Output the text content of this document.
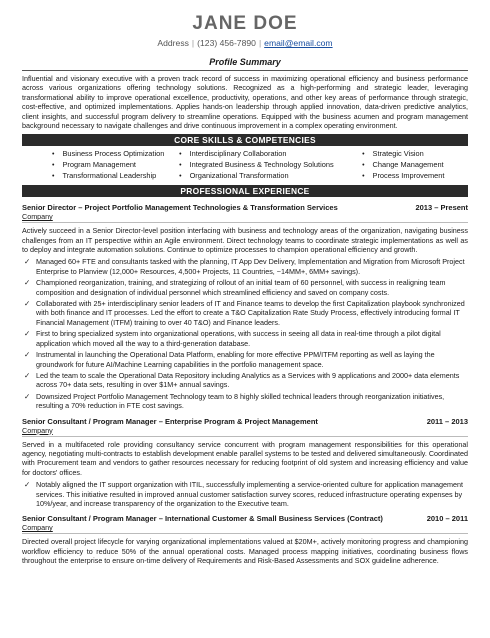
JANE DOE
Address | (123) 456-7890 | email@email.com
Profile Summary
Influential and visionary executive with a proven track record of success in maximizing operational efficiency and business performance across various organizations offering technology solutions. Recognized as a high-performing and strategic leader, leveraging transformational ability to improve operational excellence, productivity, operations, and other key areas of performance through strategic, cost-effective, and optimized implementations. Applies hands-on leadership through applied innovation, data-driven predictive analytics, client insights, and successful program delivery to streamline operations. Equipped with the business acumen and program management background necessary to navigate challenges and drive continuous improvement in a complex operating environment.
CORE SKILLS & COMPETENCIES
• Business Process Optimization
• Program Management
• Transformational Leadership
• Interdisciplinary Collaboration
• Integrated Business & Technology Solutions
• Organizational Transformation
• Strategic Vision
• Change Management
• Process Improvement
PROFESSIONAL EXPERIENCE
Senior Director – Project Portfolio Management Technologies & Transformation Services	2013 – Present
Company
Actively succeed in a Senior Director-level position interfacing with business and technology areas of the organization, navigating business challenges from an IT perspective within an Agile environment. Direct technology teams to coordinate strategic implementations as well as to deploy and integrate automation solutions. Continue to optimize processes to champion operational efficiency and growth.
✓ Managed 60+ FTE and consultants tasked with the planning, IT App Dev Delivery, Implementation and Migration from Microsoft Project Enterprise to Planview (12,000+ Resources, 4,500+ Projects, 11 Countries, ~14MM+, 6MM+ savings).
✓ Championed reorganization, training, and strategizing of rollout of an initial team of 60 personnel, with success in realigning team composition and designation of individual personnel which streamlined efficiency and saved on company costs.
✓ Collaborated with 25+ interdisciplinary senior leaders of IT and Finance teams to develop the first Capitalization playbook synchronized with both finance and IT processes. Led the effort to create a T&O Capitalization Rate Study Process, effectively introducing formal IT Financial Management (ITFM) training to over 40 T&O) and Finance leaders.
✓ First to bring specialized system into organizational operations, with success in seeing all data in real-time through a pilot digital application which moved all the way to a third-generation database.
✓ Instrumental in launching the Operational Data Platform, enabling for more effective PPM/ITFM reporting as well as laying the groundwork for future AI/Machine Learning capabilities in the portfolio management space.
✓ Led the team to scale the Operational Data Repository including Analytics as a Services with 9 applications and 2000+ data elements across 70+ data sets, resulting in over $1M+ annual savings.
✓ Downsized Project Portfolio Management Technology team to 8 highly skilled technical leaders through reorganization initiatives, resulting a 70% reduction in FTE cost savings.
Senior Consultant / Program Manager – Enterprise Program & Project Management	2011 – 2013
Company
Served in a multifaceted role providing consultancy service concurrent with program management responsibilities for this operational agency, negotiating multi-contracts to establish development enable parallel systems to be tested and delivered simultaneously. Coordinated with Procurement team and vendors to gather resources necessary for reducing footprint of old system and increasing efficiency and value for doctors' offices.
✓ Notably aligned the IT support organization with ITIL, successfully implementing a service-oriented culture for application management services. This initiative resulted in improved annual customer satisfaction survey scores, reduced infrastructure operating expenses by 10%/year, and increase transparency of the organization to the Executive team.
Senior Consultant / Program Manager – International Customer & Small Business Services (Contract)	2010 – 2011
Company
Directed overall project lifecycle for varying organizational implementations valued at $20M+, actively monitoring progress and championing workflow efficiency to reduce 50% of the annual operational costs. Managed process mapping initiatives, coordinating business flows throughout the enterprise to ensure on-time delivery of Requirements and Risk-Based Assessments and SOX guideline adherence.
